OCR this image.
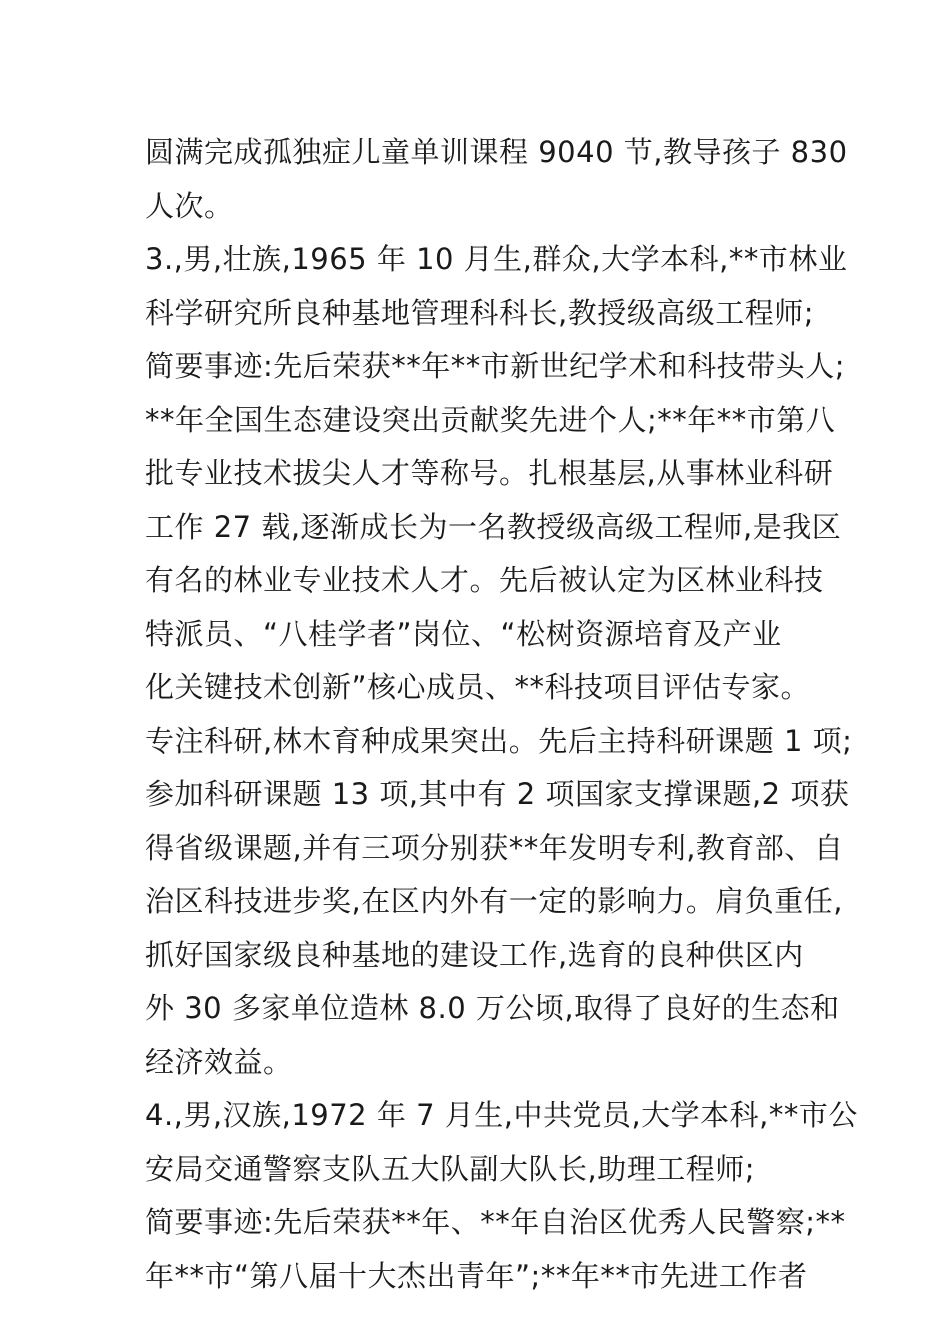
圆满完成孤独症儿童单训课程 9040 节,教导孩子 830
人次。
3.,男,壮族,1965 年 10 月生,群众,大学本科,**市林业
科学研究所良种基地管理科科长,教授级高级工程师;
简要事迹:先后荣获**年**市新世纪学术和科技带头人;
**年全国生态建设突出贡献奖先进个人;**年**市第八
批专业技术拔尖人才等称号。扎根基层,从事林业科研
工作 27 载,逐渐成长为一名教授级高级工程师,是我区
有名的林业专业技术人才。先后被认定为区林业科技
特派员、“八桂学者”岗位、“松树资源培育及产业
化关键技术创新”核心成员、**科技项目评估专家。
专注科研,林木育种成果突出。先后主持科研课题 1 项;
参加科研课题 13 项,其中有 2 项国家支撑课题,2 项获
得省级课题,并有三项分别获**年发明专利,教育部、自
治区科技进步奖,在区内外有一定的影响力。肩负重任,
抓好国家级良种基地的建设工作,选育的良种供区内
外 30 多家单位造林 8.0 万公顷,取得了良好的生态和
经济效益。
4.,男,汉族,1972 年 7 月生,中共党员,大学本科,**市公
安局交通警察支队五大队副大队长,助理工程师;
简要事迹:先后荣获**年、**年自治区优秀人民警察;**
年**市“第八届十大杰出青年”;**年**市先进工作者
